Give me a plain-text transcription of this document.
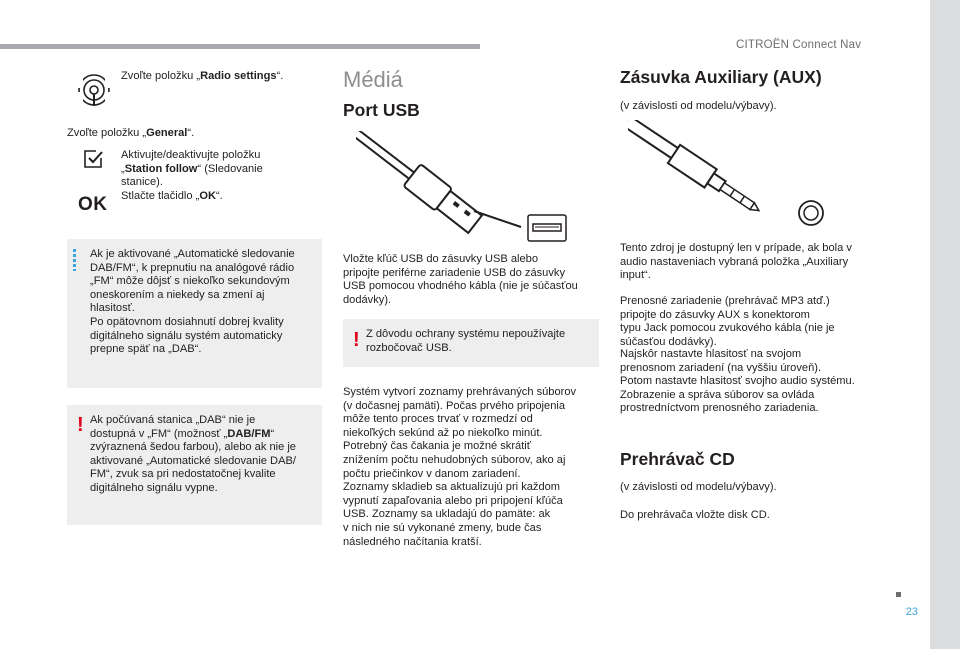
CITROËN Connect Nav
Zvoľte položku „Radio settings“.
Zvoľte položku „General“.
Aktivujte/deaktivujte položku
„Station follow“ (Sledovanie
stanice).
Stlačte tlačidlo „OK“.
OK
Ak je aktivované „Automatické sledovanie
DAB/FM“, k prepnutiu na analógové rádio
„FM“ môže dôjsť s niekoľko sekundovým
oneskorením a niekedy sa zmení aj
hlasitosť.
Po opätovnom dosiahnutí dobrej kvality
digitálneho signálu systém automaticky
prepne späť na „DAB“.
! Ak počúvaná stanica „DAB“ nie je
dostupná v „FM“ (možnosť „DAB/FM“
zvýraznená šedou farbou), alebo ak nie je
aktivované „Automatické sledovanie DAB/
FM“, zvuk sa pri nedostatočnej kvalite
digitálneho signálu vypne.
Médiá
Port USB
Vložte kľúč USB do zásuvky USB alebo
pripojte periférne zariadenie USB do zásuvky
USB pomocou vhodného kábla (nie je súčasťou
dodávky).
! Z dôvodu ochrany systému nepoužívajte
rozbočovač USB.
Systém vytvorí zoznamy prehrávaných súborov
(v dočasnej pamäti). Počas prvého pripojenia
môže tento proces trvať v rozmedzí od
niekoľkých sekúnd až po niekoľko minút.
Potrebný čas čakania je možné skrátiť
znížením počtu nehudobných súborov, ako aj
počtu priečinkov v danom zariadení.
Zoznamy skladieb sa aktualizujú pri každom
vypnutí zapaľovania alebo pri pripojení kľúča
USB. Zoznamy sa ukladajú do pamäte: ak
v nich nie sú vykonané zmeny, bude čas
následného načítania kratší.
Zásuvka Auxiliary (AUX)
(v závislosti od modelu/výbavy).
Tento zdroj je dostupný len v prípade, ak bola v
audio nastaveniach vybraná položka „Auxiliary
input“.
Prenosné zariadenie (prehrávač MP3 atď.)
pripojte do zásuvky AUX s konektorom
typu Jack pomocou zvukového kábla (nie je
súčasťou dodávky).
Najskôr nastavte hlasitosť na svojom
prenosnom zariadení (na vyššiu úroveň).
Potom nastavte hlasitosť svojho audio systému.
Zobrazenie a správa súborov sa ovláda
prostredníctvom prenosného zariadenia.
Prehrávač CD
(v závislosti od modelu/výbavy).
Do prehrávača vložte disk CD.
23
